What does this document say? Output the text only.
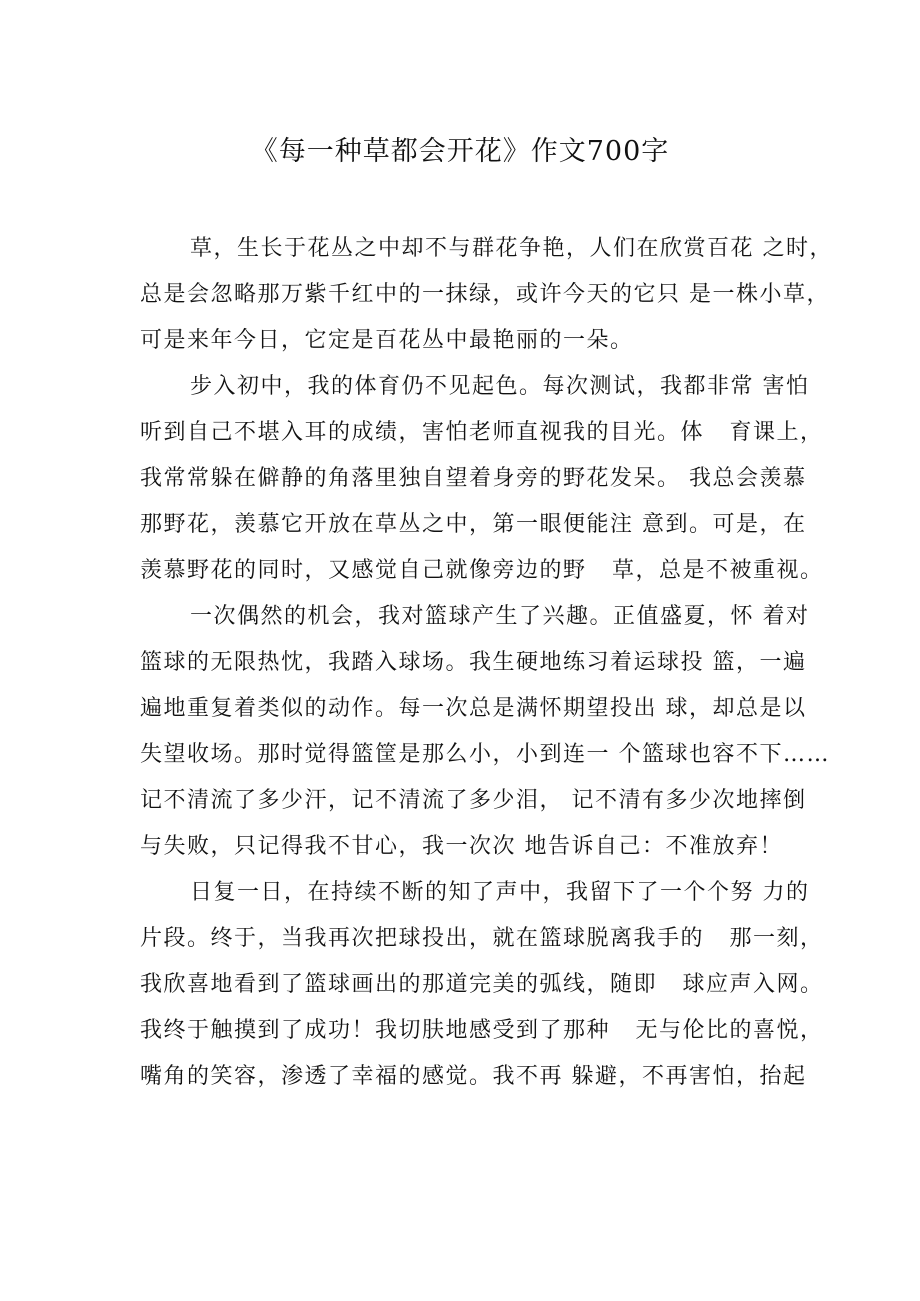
《每一种草都会开花》作文700字
草，生长于花丛之中却不与群花争艳，人们在欣赏百花 之时，
总是会忽略那万紫千红中的一抹绿，或许今天的它只 是一株小草，
可是来年今日，它定是百花丛中最艳丽的一朵。
步入初中，我的体育仍不见起色。每次测试，我都非常 害怕
听到自己不堪入耳的成绩，害怕老师直视我的目光。体   育课上，
我常常躲在僻静的角落里独自望着身旁的野花发呆。 我总会羡慕
那野花，羡慕它开放在草丛之中，第一眼便能注 意到。可是，在
羡慕野花的同时，又感觉自己就像旁边的野   草，总是不被重视。
一次偶然的机会，我对篮球产生了兴趣。正值盛夏，怀 着对
篮球的无限热忱，我踏入球场。我生硬地练习着运球投 篮，一遍
遍地重复着类似的动作。每一次总是满怀期望投出 球，却总是以
失望收场。那时觉得篮筐是那么小，小到连一 个篮球也容不下……
记不清流了多少汗，记不清流了多少泪， 记不清有多少次地摔倒
与失败，只记得我不甘心，我一次次 地告诉自己：不准放弃！
日复一日，在持续不断的知了声中，我留下了一个个努 力的
片段。终于，当我再次把球投出，就在篮球脱离我手的   那一刻，
我欣喜地看到了篮球画出的那道完美的弧线，随即   球应声入网。
我终于触摸到了成功！我切肤地感受到了那种   无与伦比的喜悦，
嘴角的笑容，渗透了幸福的感觉。我不再 躲避，不再害怕，抬起
